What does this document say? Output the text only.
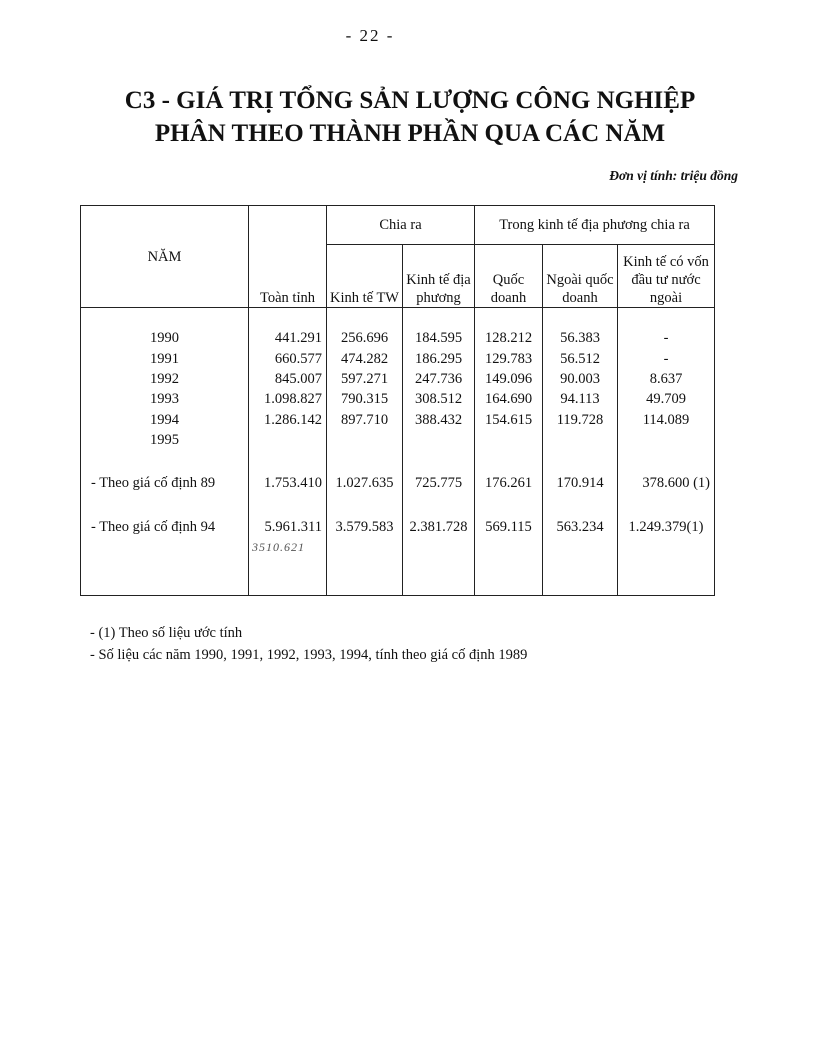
- 22 -
C3 - GIÁ TRỊ TỔNG SẢN LƯỢNG CÔNG NGHIỆP
PHÂN THEO THÀNH PHẦN QUA CÁC NĂM
Đơn vị tính: triệu đồng
NĂM	Toàn tỉnh	Chia ra		Trong kinh tế địa phương chia ra		
		Kinh tế TW	Kinh tế địa phương	Quốc doanh	Ngoài quốc doanh	Kinh tế có vốn đầu tư nước ngoài

1990	441.291	256.696	184.595	128.212	56.383	-
1991	660.577	474.282	186.295	129.783	56.512	-
1992	845.007	597.271	247.736	149.096	90.003	8.637
1993	1.098.827	790.315	308.512	164.690	94.113	49.709
1994	1.286.142	897.710	388.432	154.615	119.728	114.089
1995						

- Theo giá cố định 89	1.753.410	1.027.635	725.775	176.261	170.914	378.600 (1)

- Theo giá cố định 94	5.961.311	3.579.583	2.381.728	569.115	563.234	1.249.379(1)

	3510.621					

- (1) Theo số liệu ước tính
- Số liệu các năm 1990, 1991, 1992, 1993, 1994, tính theo giá cố định 1989
